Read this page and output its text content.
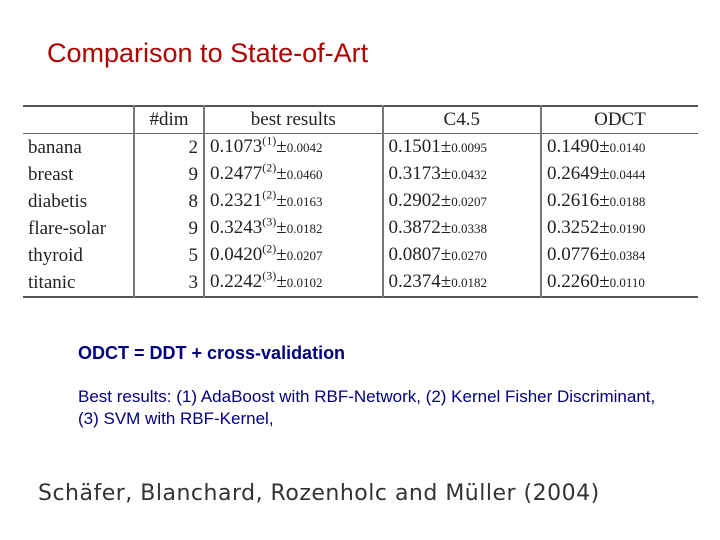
Comparison to State-of-Art
	#dim	best results	C4.5	ODCT
banana	2	$0.1073^{(1)}\pm 0.0042$	0.1501±0.0095	0.1490±0.0140
breast	9	$0.2477^{(2)}\pm 0.0460$	0.3173±0.0432	0.2649±0.0444
diabetis	8	$0.2321^{(2)}\pm 0.0163$	0.2902±0.0207	0.2616±0.0188
flare-solar	9	$0.3243^{(3)}\pm 0.0182$	0.3872±0.0338	0.3252±0.0190
thyroid	5	$0.0420^{(2)}\pm 0.0207$	0.0807±0.0270	0.0776±0.0384
titanic	3	$0.2242^{(3)}\pm 0.0102$	0.2374±0.0182	0.2260±0.0110
ODCT = DDT + cross-validation
Best results: (1) AdaBoost with RBF-Network, (2) Kernel Fisher Discriminant, (3) SVM with RBF-Kernel,
Schäfer, Blanchard, Rozenholc and Müller (2004)
